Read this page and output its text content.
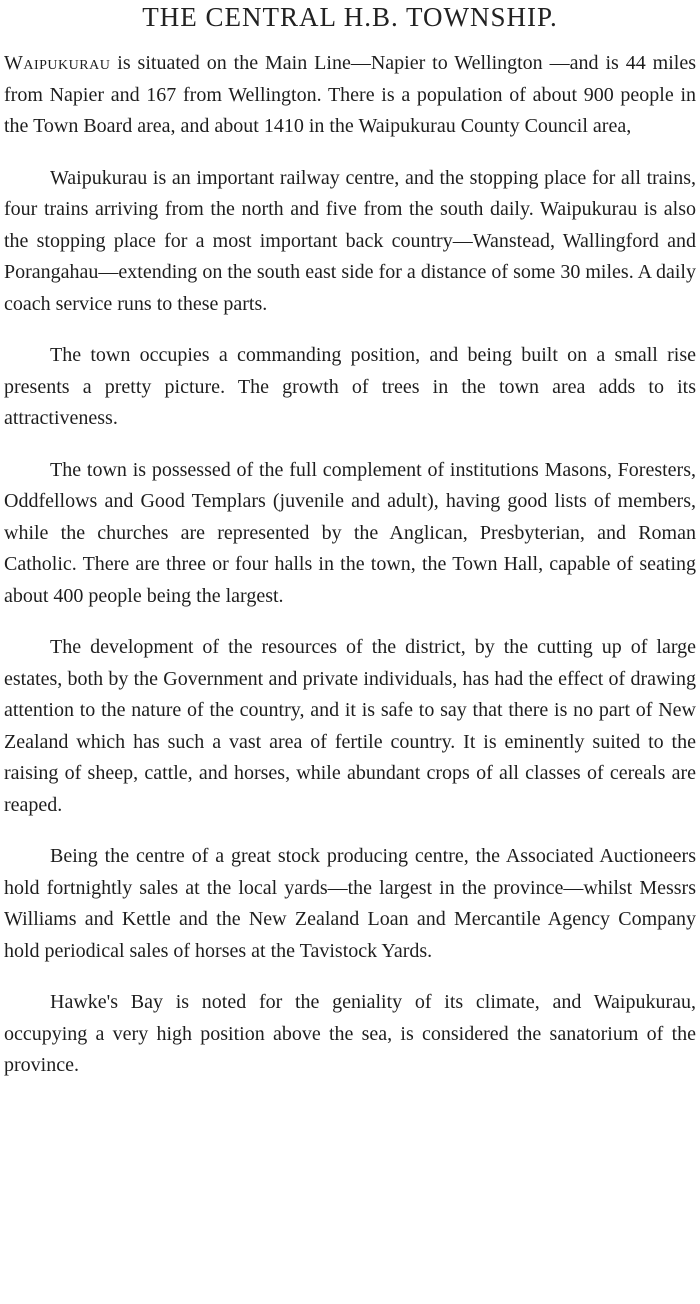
THE CENTRAL H.B. TOWNSHIP.

Waipukurau is situated on the Main Line—Napier to Wellington —and is 44 miles from Napier and 167 from Wellington. There is a population of about 900 people in the Town Board area, and about 1410 in the Waipukurau County Council area,

Waipukurau is an important railway centre, and the stopping place for all trains, four trains arriving from the north and five from the south daily. Waipukurau is also the stopping place for a most important back country—Wanstead, Wallingford and Porangahau—extending on the south east side for a distance of some 30 miles. A daily coach service runs to these parts.

The town occupies a commanding position, and being built on a small rise presents a pretty picture. The growth of trees in the town area adds to its attractiveness.

The town is possessed of the full complement of institutions Masons, Foresters, Oddfellows and Good Templars (juvenile and adult), having good lists of members, while the churches are represented by the Anglican, Presbyterian, and Roman Catholic. There are three or four halls in the town, the Town Hall, capable of seating about 400 people being the largest.

The development of the resources of the district, by the cutting up of large estates, both by the Government and private individuals, has had the effect of drawing attention to the nature of the country, and it is safe to say that there is no part of New Zealand which has such a vast area of fertile country. It is eminently suited to the raising of sheep, cattle, and horses, while abundant crops of all classes of cereals are reaped.

Being the centre of a great stock producing centre, the Associated Auctioneers hold fortnightly sales at the local yards—the largest in the province—whilst Messrs Williams and Kettle and the New Zealand Loan and Mercantile Agency Company hold periodical sales of horses at the Tavistock Yards.

Hawke's Bay is noted for the geniality of its climate, and Waipukurau, occupying a very high position above the sea, is considered the sanatorium of the province.
